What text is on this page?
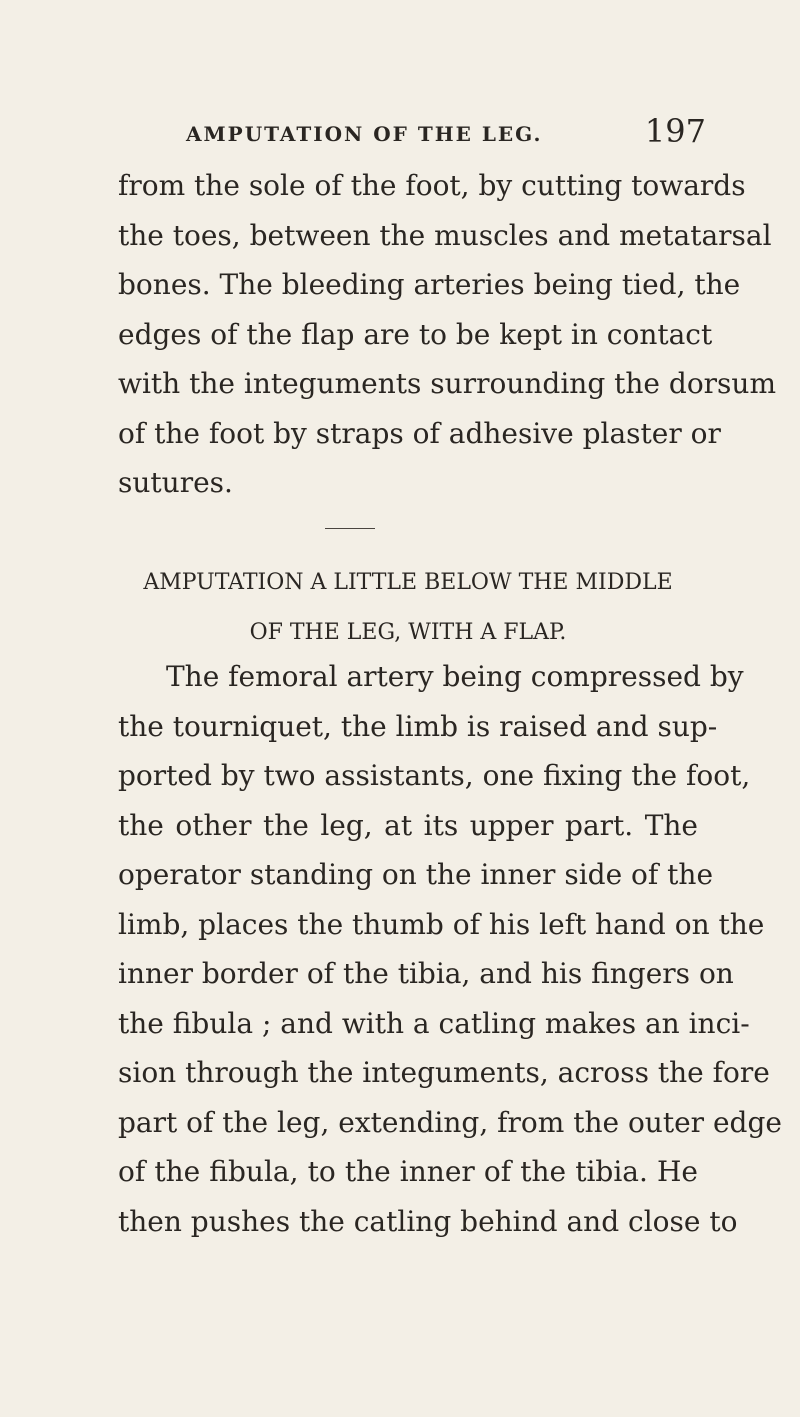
AMPUTATION OF THE LEG.	197
from the sole of the foot, by cutting towards
the toes, between the muscles and metatarsal
bones. The bleeding arteries being tied, the
edges of the flap are to be kept in contact
with the integuments surrounding the dorsum
of the foot by straps of adhesive plaster or
sutures.
AMPUTATION A LITTLE BELOW THE MIDDLE
OF THE LEG, WITH A FLAP.
The femoral artery being compressed by
the tourniquet, the limb is raised and sup-
ported by two assistants, one fixing the foot,
the other the leg, at its upper part. The
operator standing on the inner side of the
limb, places the thumb of his left hand on the
inner border of the tibia, and his fingers on
the fibula ; and with a catling makes an inci-
sion through the integuments, across the fore
part of the leg, extending, from the outer edge
of the fibula, to the inner of the tibia. He
then pushes the catling behind and close to
